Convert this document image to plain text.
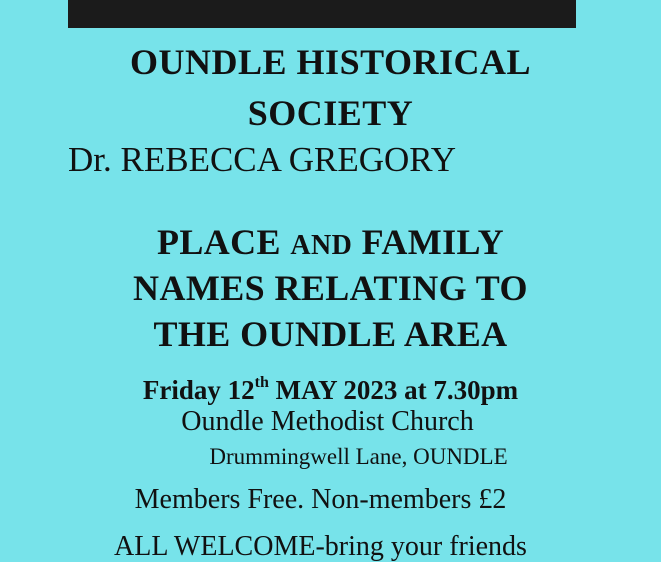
OUNDLE HISTORICAL
SOCIETY
Dr. REBECCA GREGORY
PLACE AND FAMILY
NAMES RELATING TO
THE OUNDLE AREA
Friday 12th MAY 2023 at 7.30pm
Oundle Methodist Church
Drummingwell Lane, OUNDLE
Members Free. Non-members £2
ALL WELCOME-bring your friends
